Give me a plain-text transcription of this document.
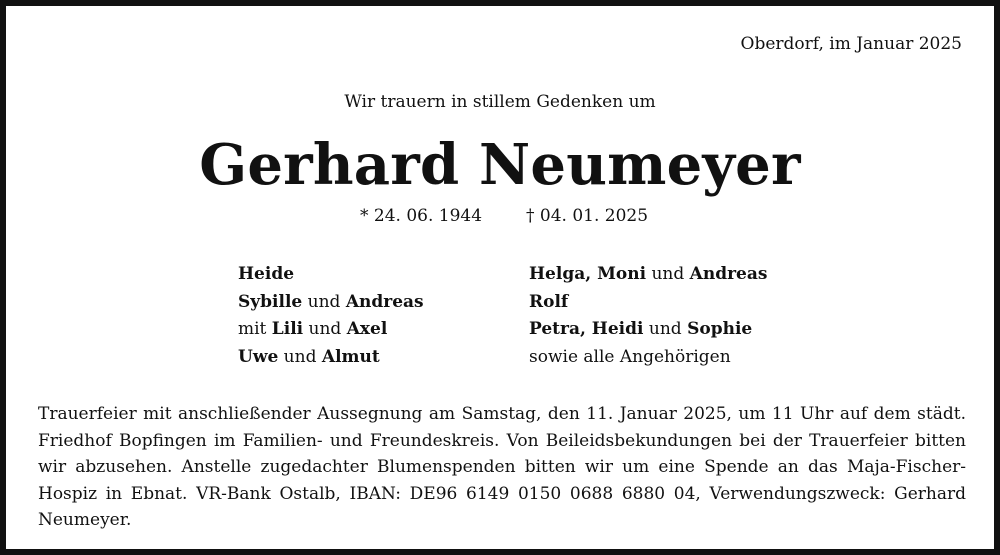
Oberdorf, im Januar 2025
Wir trauern in stillem Gedenken um
Gerhard Neumeyer
* 24. 06. 1944	† 04. 01. 2025
Heide
Sybille und Andreas
mit Lili und Axel
Uwe und Almut
Helga, Moni und Andreas
Rolf
Petra, Heidi und Sophie
sowie alle Angehörigen
Trauerfeier mit anschließender Aussegnung am Samstag, den 11. Januar 2025, um 11 Uhr auf dem städt. Friedhof Bopfingen im Familien- und Freundeskreis. Von Beileidsbekundungen bei der Trauerfeier bitten wir abzusehen. Anstelle zugedachter Blumenspenden bitten wir um eine Spende an das Maja-Fischer-Hospiz in Ebnat. VR-Bank Ostalb, IBAN: DE96 6149 0150 0688 6880 04, Verwendungszweck: Gerhard Neumeyer.
